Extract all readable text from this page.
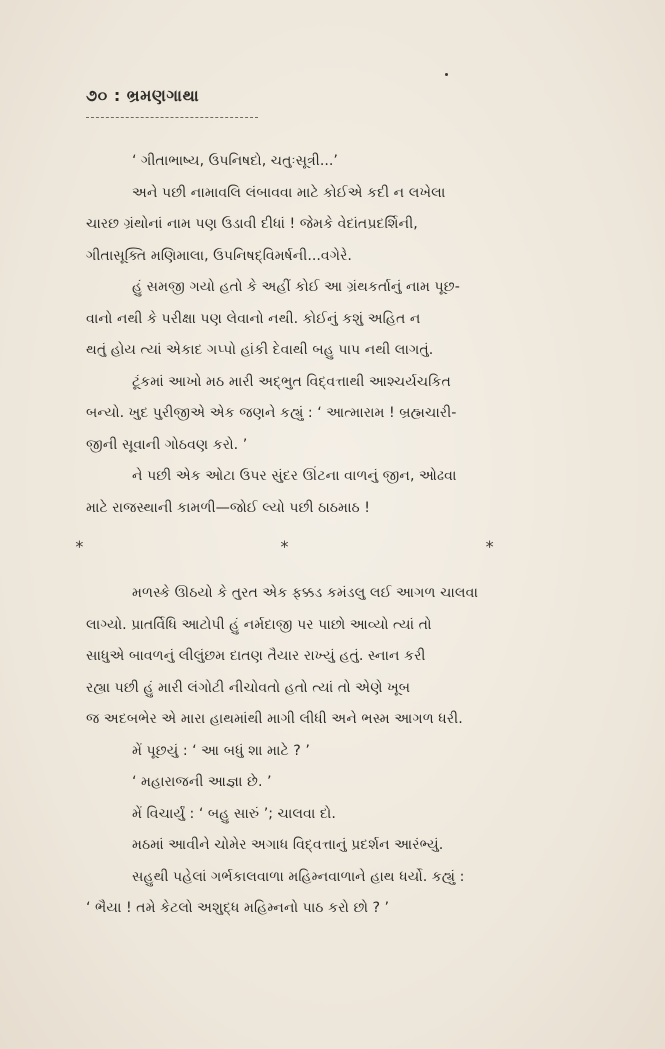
૭૦ : ભ્રમણગાથા
‘ ગીતાભાષ્ય, ઉપનિષદો, ચતુઃસૂત્રી...’
અને પછી નામાવલિ લંબાવવા માટે કોઈએ કદી ન લખેલા
ચારછ ગ્રંથોનાં નામ પણ ઉડાવી દીધાં ! જેમકે વેદાંતપ્રદર્શિની,
ગીતાસૂક્તિ મણિમાલા, ઉપનિષદ્‌વિમર્ષની...વગેરે.
હું સમજી ગયો હતો કે અહીં કોઈ આ ગ્રંથકર્તાનું નામ પૂછ-
વાનો નથી કે પરીક્ષા પણ લેવાનો નથી. કોઈનું કશું અહિત ન
થતું હોય ત્યાં એકાદ ગપ્પો હાંકી દેવાથી બહુ પાપ નથી લાગતું.
ટૂંકમાં આખો મઠ મારી અદ્‌ભુત વિદ્‌વત્તાથી આશ્ચર્યચકિત
બન્યો. ખુદ પુરીજીએ એક જણને કહ્યું : ‘ આત્મારામ ! બ્રહ્મચારી-
જીની સૂવાની ગોઠવણ કરો. ’
ને પછી એક ઓટા ઉપર સુંદર ઊંટના વાળનું જીન, ઓઢવા
માટે રાજસ્થાની કામળી—જોઈ લ્યો પછી ઠાઠમાઠ !
* * *
મળસ્કે ઊઠયો કે તુરત એક ફક્કડ કમંડલુ લઈ આગળ ચાલવા
લાગ્યો. પ્રાતર્વિધિ આટોપી હું નર્મદાજી પર પાછો આવ્યો ત્યાં તો
સાધુએ બાવળનું લીલુંછમ દાતણ તૈયાર રાખ્યું હતું. સ્નાન કરી
રહ્યા પછી હું મારી લંગોટી નીચોવતો હતો ત્યાં તો એણે ખૂબ
જ અદબભેર એ મારા હાથમાંથી માગી લીધી અને ભસ્મ આગળ ધરી.
મેં પૂછયું : ‘ આ બધું શા માટે ? ’
‘ મહારાજની આજ્ઞા છે. ’
મેં વિચાર્યું : ‘ બહુ સારું ’; ચાલવા દો.
મઠમાં આવીને ચોમેર અગાધ વિદ્‌વત્તાનું પ્રદર્શન આરંભ્યું.
સહુથી પહેલાં ગર્ભકાલવાળા મહિમ્નવાળાને હાથ ધર્યો. કહ્યું :
‘ ભૈયા ! તમે કેટલો અશુદ્ધ મહિમ્નનો પાઠ કરો છો ? ’
